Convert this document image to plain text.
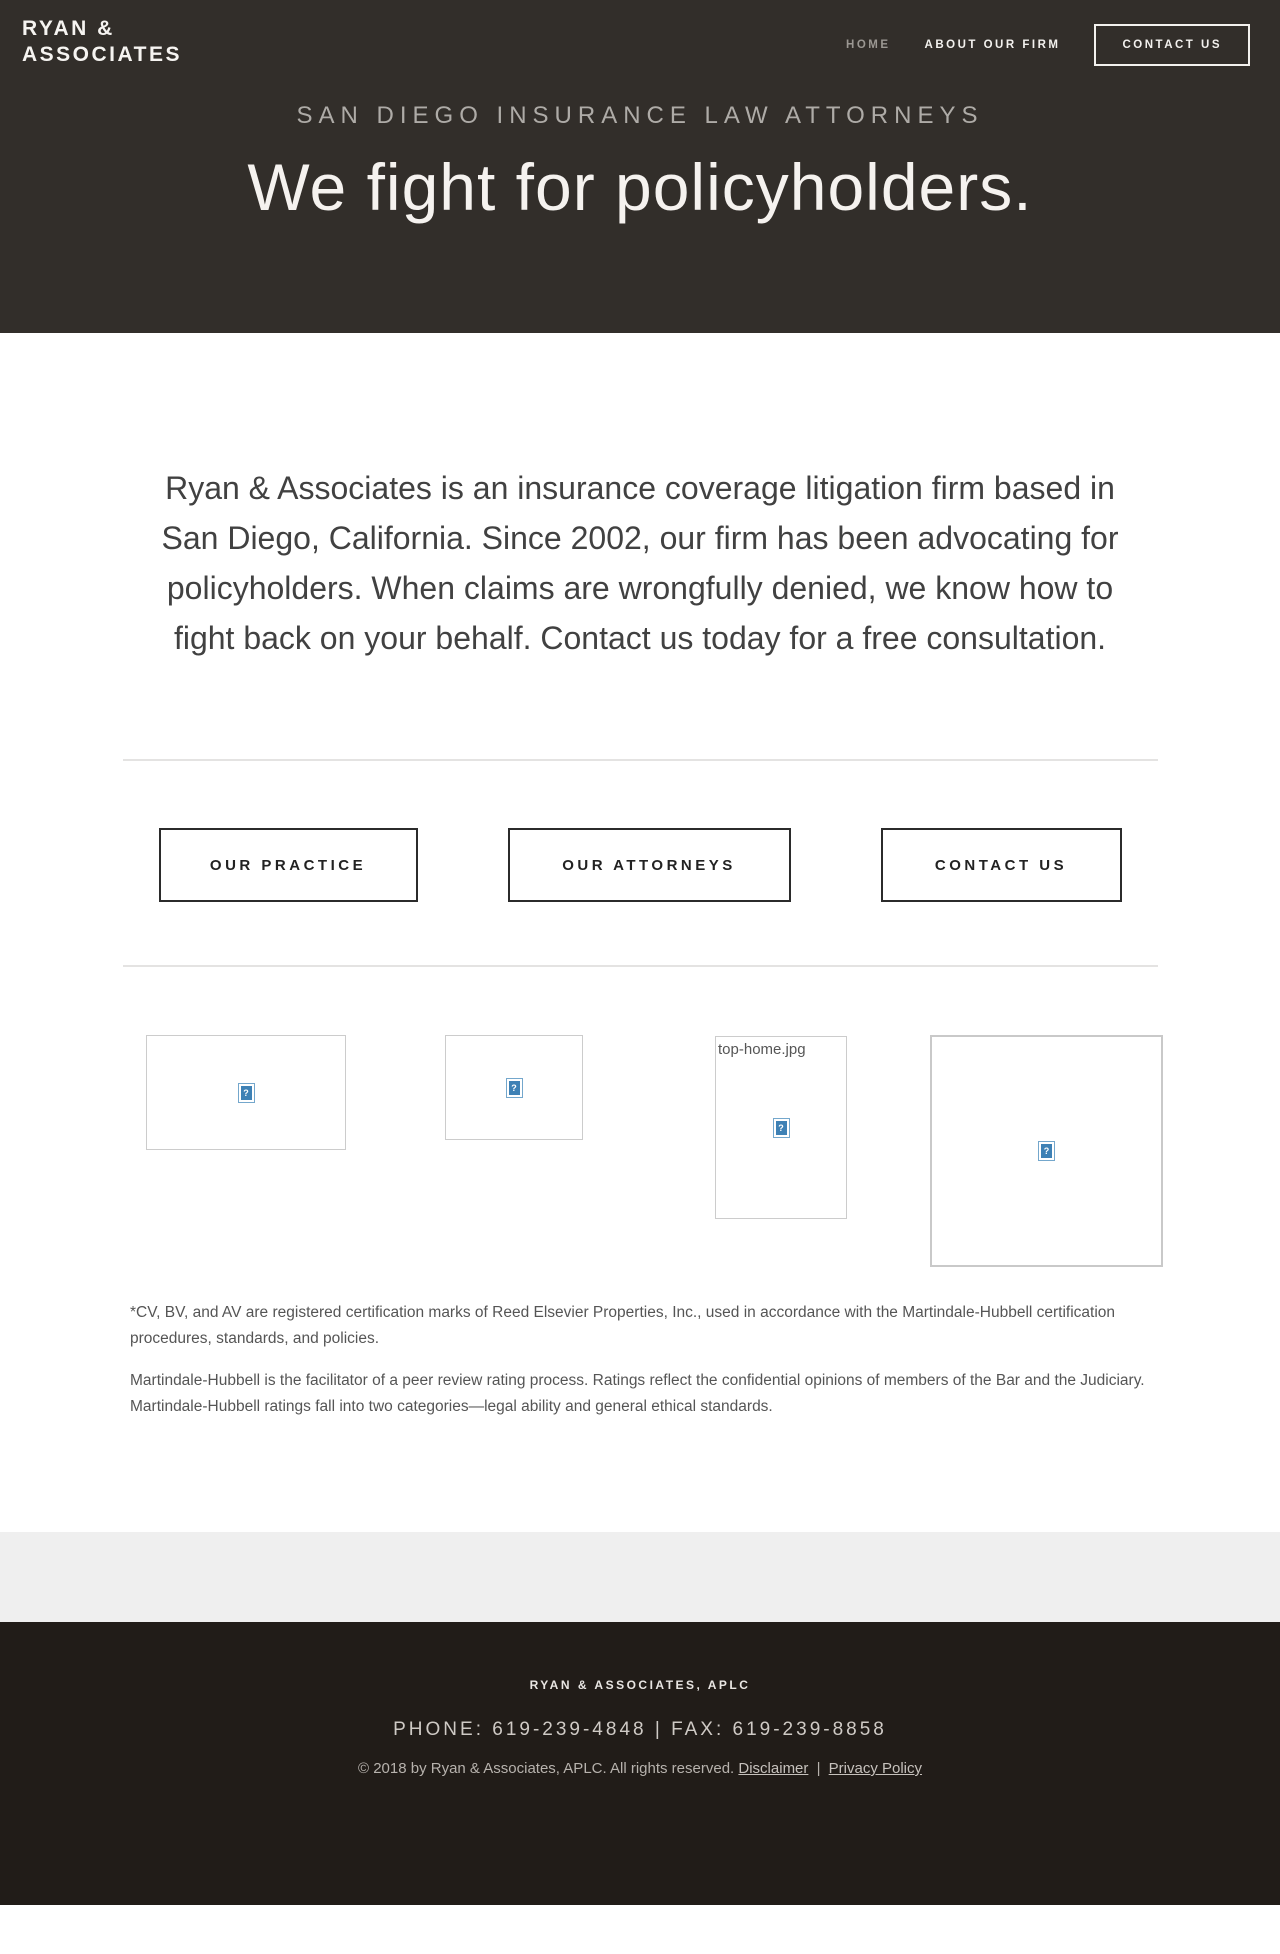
RYAN &
ASSOCIATES	HOME	ABOUT OUR FIRM	CONTACT US
SAN DIEGO INSURANCE LAW ATTORNEYS
We fight for policyholders.

Ryan & Associates is an insurance coverage litigation firm based in San Diego, California. Since 2002, our firm has been advocating for policyholders. When claims are wrongfully denied, we know how to fight back on your behalf. Contact us today for a free consultation.

OUR PRACTICE	OUR ATTORNEYS	CONTACT US
?	?
top-home.jpg
?
?

*CV, BV, and AV are registered certification marks of Reed Elsevier Properties, Inc., used in accordance with the Martindale-Hubbell certification procedures, standards, and policies.

Martindale-Hubbell is the facilitator of a peer review rating process. Ratings reflect the confidential opinions of members of the Bar and the Judiciary. Martindale-Hubbell ratings fall into two categories—legal ability and general ethical standards.

RYAN & ASSOCIATES, APLC
PHONE: 619-239-4848 | FAX: 619-239-8858
© 2018 by Ryan & Associates, APLC. All rights reserved. Disclaimer | Privacy Policy
